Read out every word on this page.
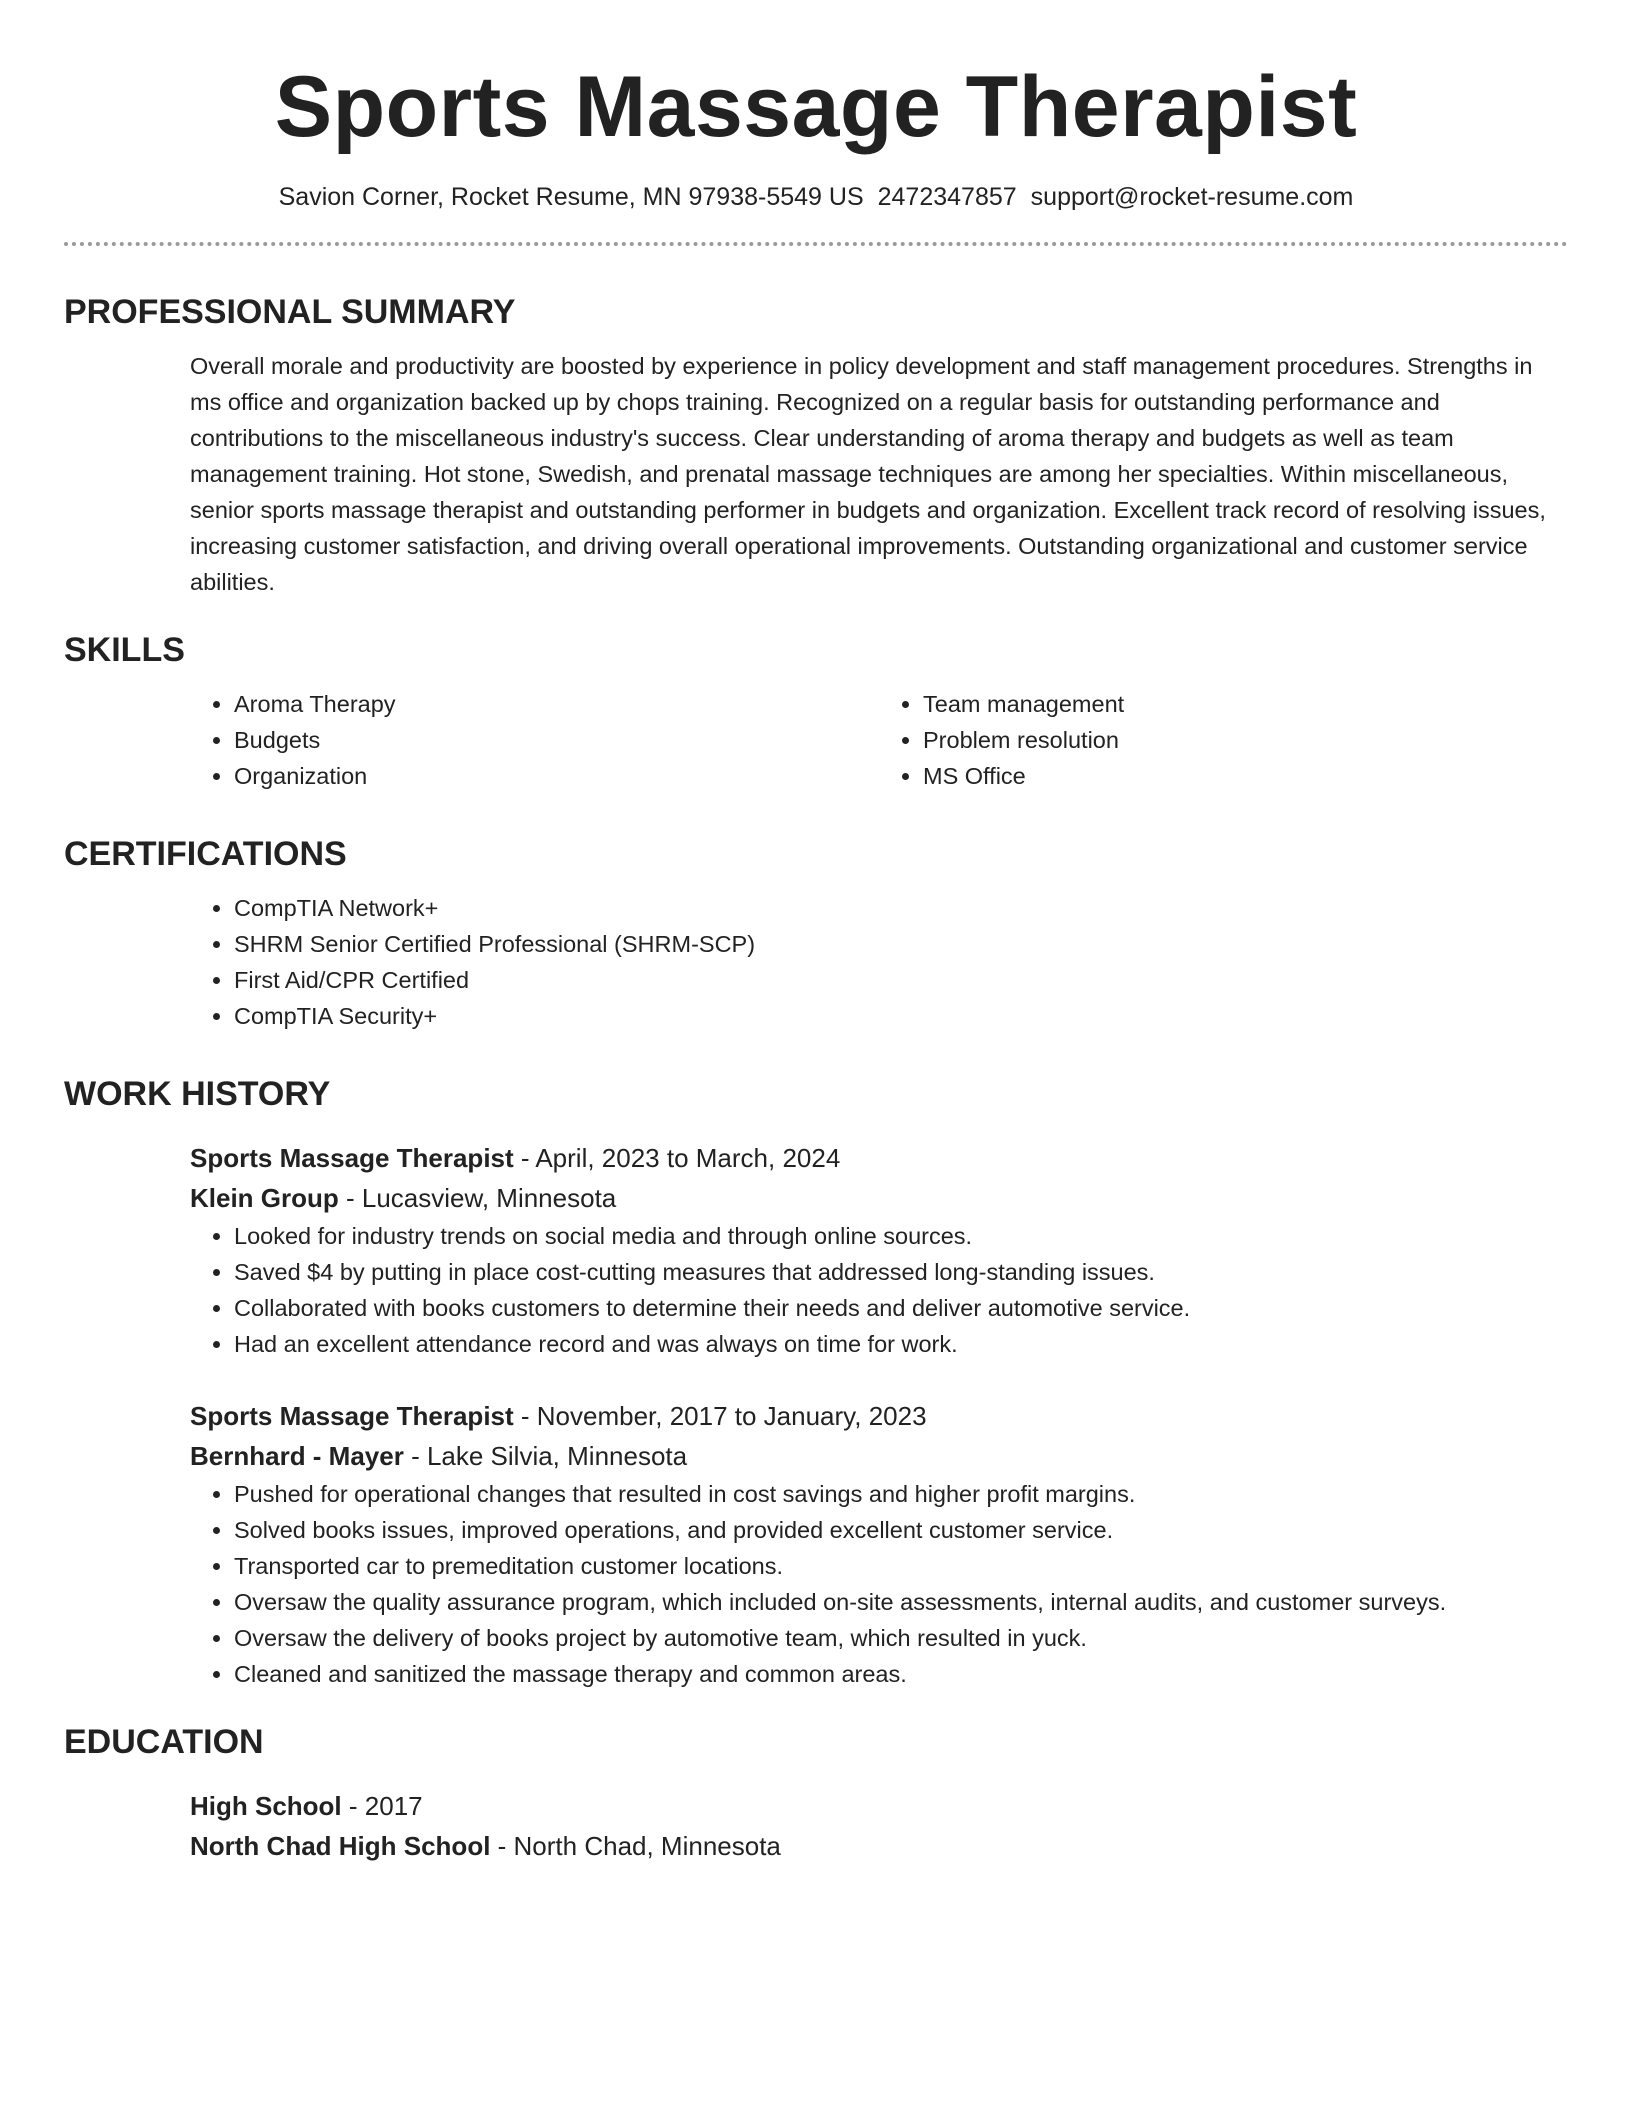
Sports Massage Therapist
Savion Corner, Rocket Resume, MN 97938-5549 US 2472347857 support@rocket-resume.com
PROFESSIONAL SUMMARY
Overall morale and productivity are boosted by experience in policy development and staff management procedures. Strengths in ms office and organization backed up by chops training. Recognized on a regular basis for outstanding performance and contributions to the miscellaneous industry's success. Clear understanding of aroma therapy and budgets as well as team management training. Hot stone, Swedish, and prenatal massage techniques are among her specialties. Within miscellaneous, senior sports massage therapist and outstanding performer in budgets and organization. Excellent track record of resolving issues, increasing customer satisfaction, and driving overall operational improvements. Outstanding organizational and customer service abilities.
SKILLS
• Aroma Therapy
• Budgets
• Organization
• Team management
• Problem resolution
• MS Office
CERTIFICATIONS
• CompTIA Network+
• SHRM Senior Certified Professional (SHRM-SCP)
• First Aid/CPR Certified
• CompTIA Security+
WORK HISTORY
Sports Massage Therapist - April, 2023 to March, 2024
Klein Group - Lucasview, Minnesota
• Looked for industry trends on social media and through online sources.
• Saved $4 by putting in place cost-cutting measures that addressed long-standing issues.
• Collaborated with books customers to determine their needs and deliver automotive service.
• Had an excellent attendance record and was always on time for work.
Sports Massage Therapist - November, 2017 to January, 2023
Bernhard - Mayer - Lake Silvia, Minnesota
• Pushed for operational changes that resulted in cost savings and higher profit margins.
• Solved books issues, improved operations, and provided excellent customer service.
• Transported car to premeditation customer locations.
• Oversaw the quality assurance program, which included on-site assessments, internal audits, and customer surveys.
• Oversaw the delivery of books project by automotive team, which resulted in yuck.
• Cleaned and sanitized the massage therapy and common areas.
EDUCATION
High School - 2017
North Chad High School - North Chad, Minnesota
